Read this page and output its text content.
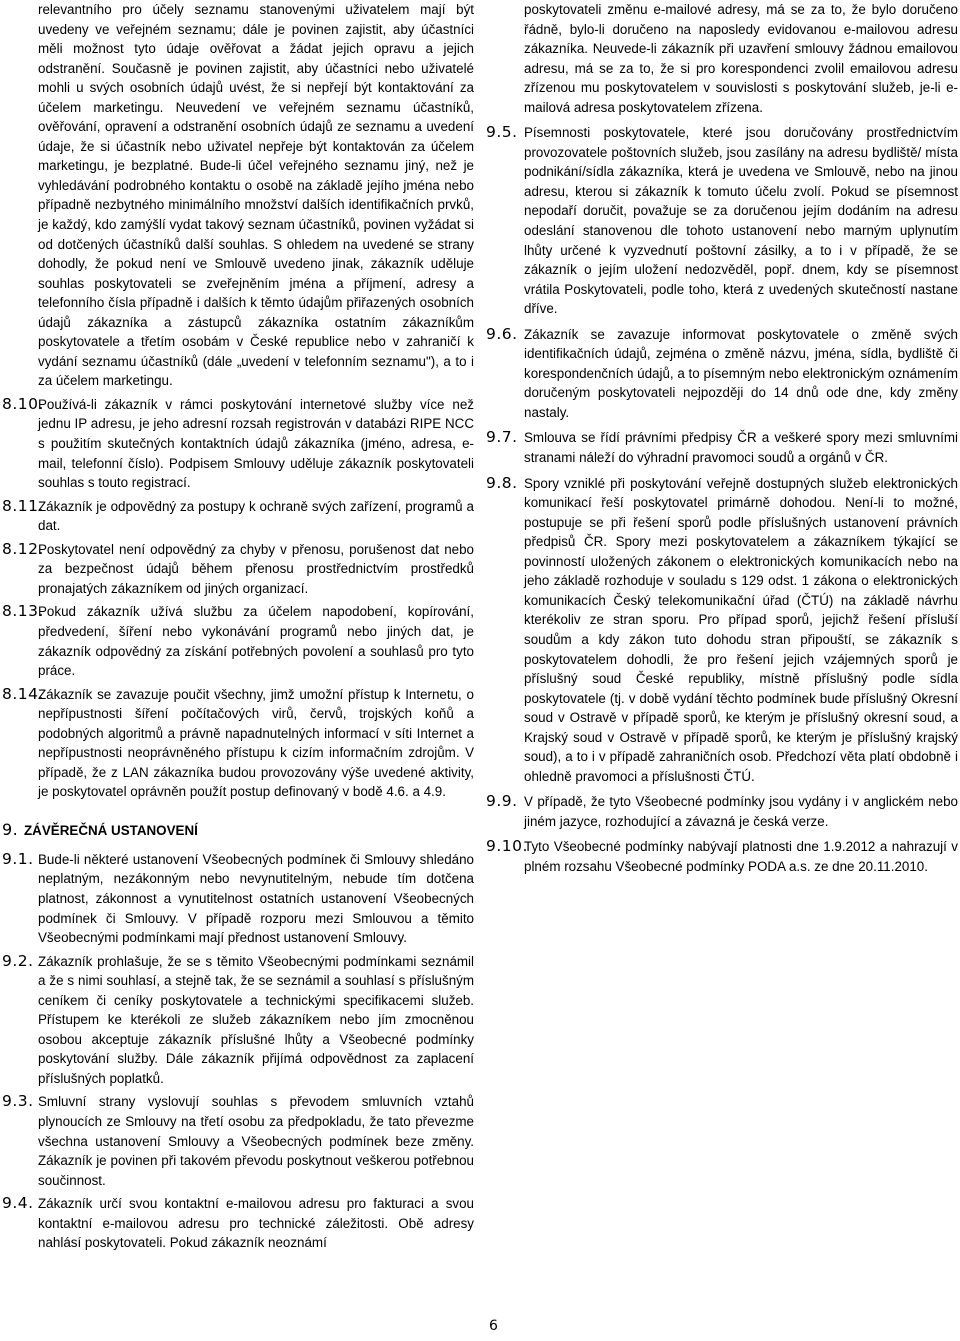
relevantního pro účely seznamu stanovenými uživatelem mají být uvedeny ve veřejném seznamu; dále je povinen zajistit, aby účastníci měli možnost tyto údaje ověřovat a žádat jejich opravu a jejich odstranění. Současně je povinen zajistit, aby účastníci nebo uživatelé mohli u svých osobních údajů uvést, že si nepřejí být kontaktování za účelem marketingu. Neuvedení ve veřejném seznamu účastníků, ověřování, opravení a odstranění osobních údajů ze seznamu a uvedení údaje, že si účastník nebo uživatel nepřeje být kontaktován za účelem marketingu, je bezplatné. Bude-li účel veřejného seznamu jiný, než je vyhledávání podrobného kontaktu o osobě na základě jejího jména nebo případně nezbytného minimálního množství dalších identifikačních prvků, je každý, kdo zamýšlí vydat takový seznam účastníků, povinen vyžádat si od dotčených účastníků další souhlas. S ohledem na uvedené se strany dohodly, že pokud není ve Smlouvě uvedeno jinak, zákazník uděluje souhlas poskytovateli se zveřejněním jména a příjmení, adresy a telefonního čísla případně i dalších k těmto údajům přiřazených osobních údajů zákazníka a zástupců zákazníka ostatním zákazníkům poskytovatele a třetím osobám v České republice nebo v zahraničí k vydání seznamu účastníků (dále „uvedení v telefonním seznamu"), a to i za účelem marketingu.

8.10.

Používá-li zákazník v rámci poskytování internetové služby více než jednu IP adresu, je jeho adresní rozsah registrován v databázi RIPE NCC s použitím skutečných kontaktních údajů zákazníka (jméno, adresa, e-mail, telefonní číslo). Podpisem Smlouvy uděluje zákazník poskytovateli souhlas s touto registrací.

8.11.

Zákazník je odpovědný za postupy k ochraně svých zařízení, programů a dat.

8.12.

Poskytovatel není odpovědný za chyby v přenosu, porušenost dat nebo za bezpečnost údajů během přenosu prostřednictvím prostředků pronajatých zákazníkem od jiných organizací.

8.13.

Pokud zákazník užívá službu za účelem napodobení, kopírování, předvedení, šíření nebo vykonávání programů nebo jiných dat, je zákazník odpovědný za získání potřebných povolení a souhlasů pro tyto práce.

8.14.

Zákazník se zavazuje poučit všechny, jimž umožní přístup k Internetu, o nepřípustnosti šíření počítačových virů, červů, trojských koňů a podobných algoritmů a právně napadnutelných informací v síti Internet a nepřípustnosti neoprávněného přístupu k cizím informačním zdrojům. V případě, že z LAN zákazníka budou provozovány výše uvedené aktivity, je poskytovatel oprávněn použít postup definovaný v bodě 4.6. a 4.9.

9. ZÁVĚREČNÁ USTANOVENÍ
9.1. Bude-li některé ustanovení Všeobecných podmínek či Smlouvy shledáno neplatným, nezákonným nebo nevynutitelným, nebude tím dotčena platnost, zákonnost a vynutitelnost ostatních ustanovení Všeobecných podmínek či Smlouvy. V případě rozporu mezi Smlouvou a těmito Všeobecnými podmínkami mají přednost ustanovení Smlouvy.

9.2. Zákazník prohlašuje, že se s těmito Všeobecnými podmínkami seznámil a že s nimi souhlasí, a stejně tak, že se seznámil a souhlasí s příslušným ceníkem či ceníky poskytovatele a technickými specifikacemi služeb. Přístupem ke kterékoli ze služeb zákazníkem nebo jím zmocněnou osobou akceptuje zákazník příslušné lhůty a Všeobecné podmínky poskytování služby. Dále zákazník přijímá odpovědnost za zaplacení příslušných poplatků.

9.3. Smluvní strany vyslovují souhlas s převodem smluvních vztahů plynoucích ze Smlouvy na třetí osobu za předpokladu, že tato převezme všechna ustanovení Smlouvy a Všeobecných podmínek beze změny. Zákazník je povinen při takovém převodu poskytnout veškerou potřebnou součinnost.

9.4. Zákazník určí svou kontaktní e-mailovou adresu pro fakturaci a svou kontaktní e-mailovou adresu pro technické záležitosti. Obě adresy nahlásí poskytovateli. Pokud zákazník neoznámí

poskytovateli změnu e-mailové adresy, má se za to, že bylo doručeno řádně, bylo-li doručeno na naposledy evidovanou e-mailovou adresu zákazníka. Neuvede-li zákazník při uzavření smlouvy žádnou emailovou adresu, má se za to, že si pro korespondenci zvolil emailovou adresu zřízenou mu poskytovatelem v souvislosti s poskytování služeb, je-li e-mailová adresa poskytovatelem zřízena.

9.5. Písemnosti poskytovatele, které jsou doručovány prostřednictvím provozovatele poštovních služeb, jsou zasílány na adresu bydliště/ místa podnikání/sídla zákazníka, která je uvedena ve Smlouvě, nebo na jinou adresu, kterou si zákazník k tomuto účelu zvolí. Pokud se písemnost nepodaří doručit, považuje se za doručenou jejím dodáním na adresu odeslání stanovenou dle tohoto ustanovení nebo marným uplynutím lhůty určené k vyzvednutí poštovní zásilky, a to i v případě, že se zákazník o jejím uložení nedozvěděl, popř. dnem, kdy se písemnost vrátila Poskytovateli, podle toho, která z uvedených skutečností nastane dříve.

9.6. Zákazník se zavazuje informovat poskytovatele o změně svých identifikačních údajů, zejména o změně názvu, jména, sídla, bydliště či korespondenčních údajů, a to písemným nebo elektronickým oznámením doručeným poskytovateli nejpozději do 14 dnů ode dne, kdy změny nastaly.

9.7. Smlouva se řídí právními předpisy ČR a veškeré spory mezi smluvními stranami náleží do výhradní pravomoci soudů a orgánů v ČR.

9.8. Spory vzniklé při poskytování veřejně dostupných služeb elektronických komunikací řeší poskytovatel primárně dohodou. Není-li to možné, postupuje se při řešení sporů podle příslušných ustanovení právních předpisů ČR. Spory mezi poskytovatelem a zákazníkem týkající se povinností uložených zákonem o elektronických komunikacích nebo na jeho základě rozhoduje v souladu s 129 odst. 1 zákona o elektronických komunikacích Český telekomunikační úřad (ČTÚ) na základě návrhu kterékoliv ze stran sporu. Pro případ sporů, jejichž řešení přísluší soudům a kdy zákon tuto dohodu stran připouští, se zákazník s poskytovatelem dohodli, že pro řešení jejich vzájemných sporů je příslušný soud České republiky, místně příslušný podle sídla poskytovatele (tj. v době vydání těchto podmínek bude příslušný Okresní soud v Ostravě v případě sporů, ke kterým je příslušný okresní soud, a Krajský soud v Ostravě v případě sporů, ke kterým je příslušný krajský soud), a to i v případě zahraničních osob. Předchozí věta platí obdobně i ohledně pravomoci a příslušnosti ČTÚ.

9.9. V případě, že tyto Všeobecné podmínky jsou vydány i v anglickém nebo jiném jazyce, rozhodující a závazná je česká verze.

9.10.

Tyto Všeobecné podmínky nabývají platnosti dne 1.9.2012 a nahrazují v plném rozsahu Všeobecné podmínky PODA a.s. ze dne 20.11.2010.

6
